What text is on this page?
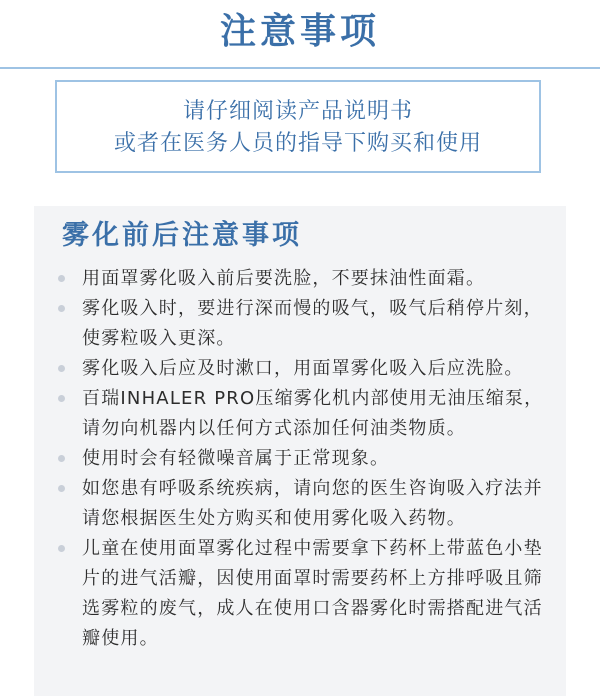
注意事项
请仔细阅读产品说明书
或者在医务人员的指导下购买和使用
雾化前后注意事项
用面罩雾化吸入前后要洗脸，不要抹油性面霜。
雾化吸入时，要进行深而慢的吸气，吸气后稍停片刻，使雾粒吸入更深。
雾化吸入后应及时漱口，用面罩雾化吸入后应洗脸。
百瑞INHALER PRO压缩雾化机内部使用无油压缩泵，请勿向机器内以任何方式添加任何油类物质。
使用时会有轻微噪音属于正常现象。
如您患有呼吸系统疾病，请向您的医生咨询吸入疗法并请您根据医生处方购买和使用雾化吸入药物。
儿童在使用面罩雾化过程中需要拿下药杯上带蓝色小垫片的进气活瓣，因使用面罩时需要药杯上方排呼吸且筛选雾粒的废气，成人在使用口含器雾化时需搭配进气活瓣使用。
